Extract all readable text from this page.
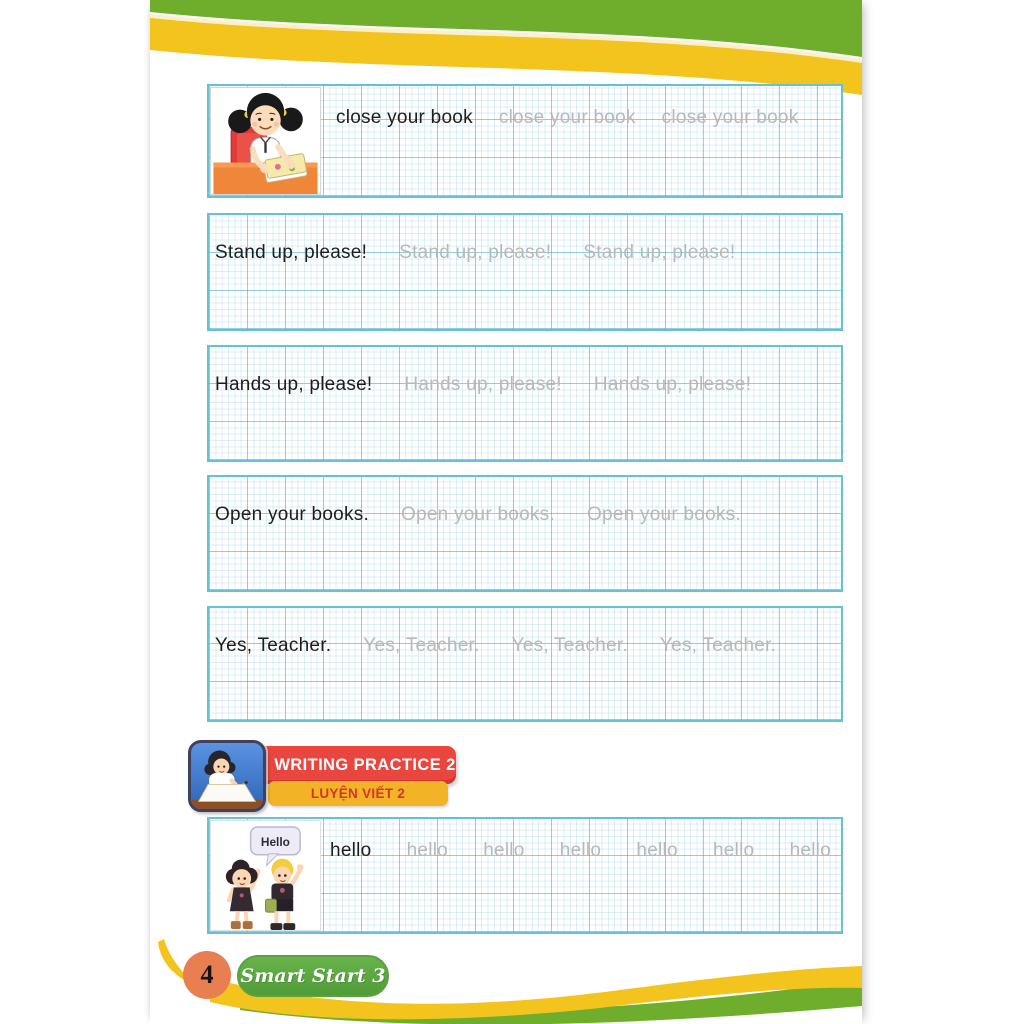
close your book close your book close your book
Stand up, please! Stand up, please! Stand up, please!
Hands up, please! Hands up, please! Hands up, please!
Open your books. Open your books. Open your books.
Yes, Teacher. Yes, Teacher. Yes, Teacher. Yes, Teacher.
WRITING PRACTICE 2
LUYỆN VIẾT 2
Hello hello hello hello hello hello hello hello
4 Smart Start 3
